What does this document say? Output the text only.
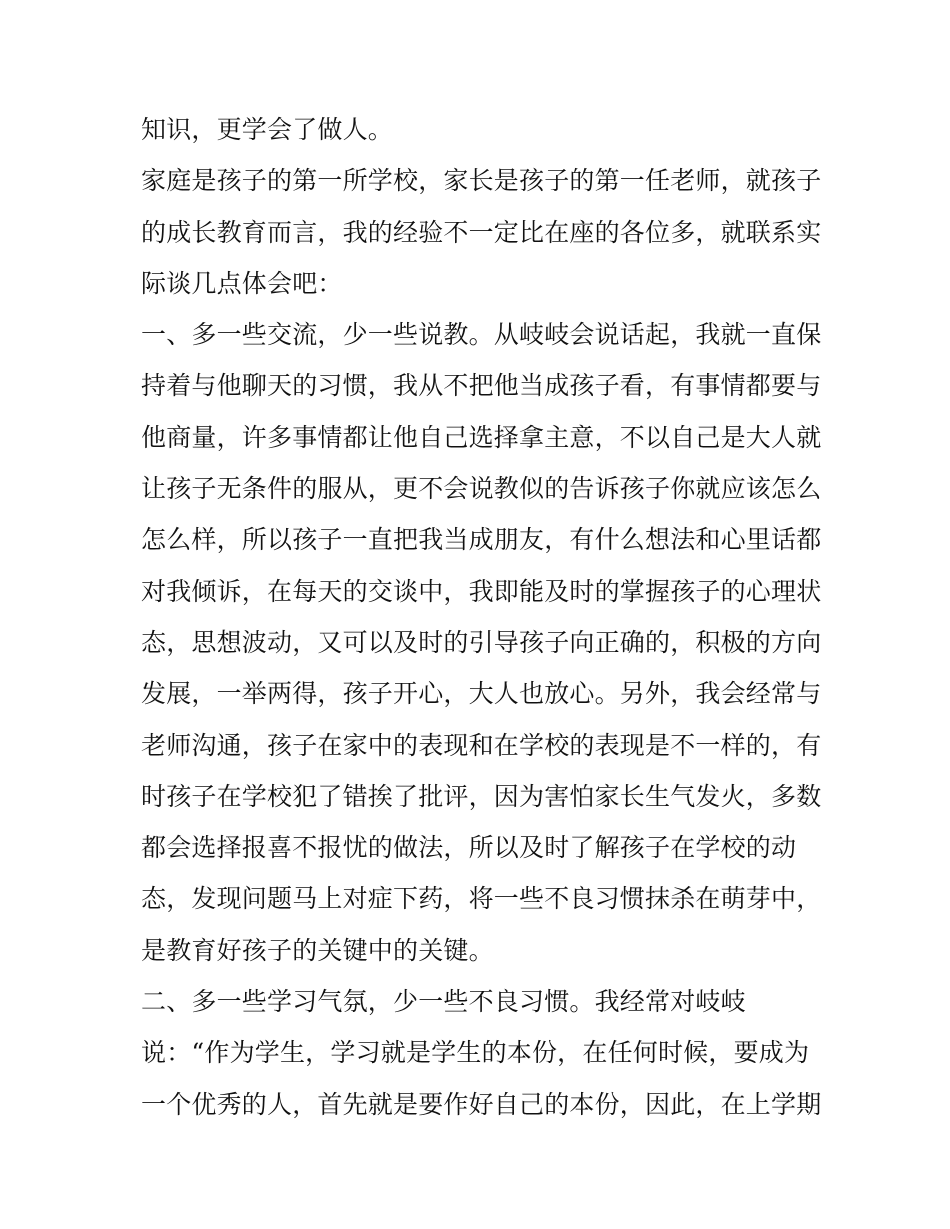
知识，更学会了做人。
家庭是孩子的第一所学校，家长是孩子的第一任老师，就孩子
的成长教育而言，我的经验不一定比在座的各位多，就联系实
际谈几点体会吧：
一、多一些交流，少一些说教。从岐岐会说话起，我就一直保
持着与他聊天的习惯，我从不把他当成孩子看，有事情都要与
他商量，许多事情都让他自己选择拿主意，不以自己是大人就
让孩子无条件的服从，更不会说教似的告诉孩子你就应该怎么
怎么样，所以孩子一直把我当成朋友，有什么想法和心里话都
对我倾诉，在每天的交谈中，我即能及时的掌握孩子的心理状
态，思想波动，又可以及时的引导孩子向正确的，积极的方向
发展，一举两得，孩子开心，大人也放心。另外，我会经常与
老师沟通，孩子在家中的表现和在学校的表现是不一样的，有
时孩子在学校犯了错挨了批评，因为害怕家长生气发火，多数
都会选择报喜不报忧的做法，所以及时了解孩子在学校的动
态，发现问题马上对症下药，将一些不良习惯抹杀在萌芽中，
是教育好孩子的关键中的关键。
二、多一些学习气氛，少一些不良习惯。我经常对岐岐
说：“作为学生，学习就是学生的本份，在任何时候，要成为
一个优秀的人，首先就是要作好自己的本份，因此，在上学期
